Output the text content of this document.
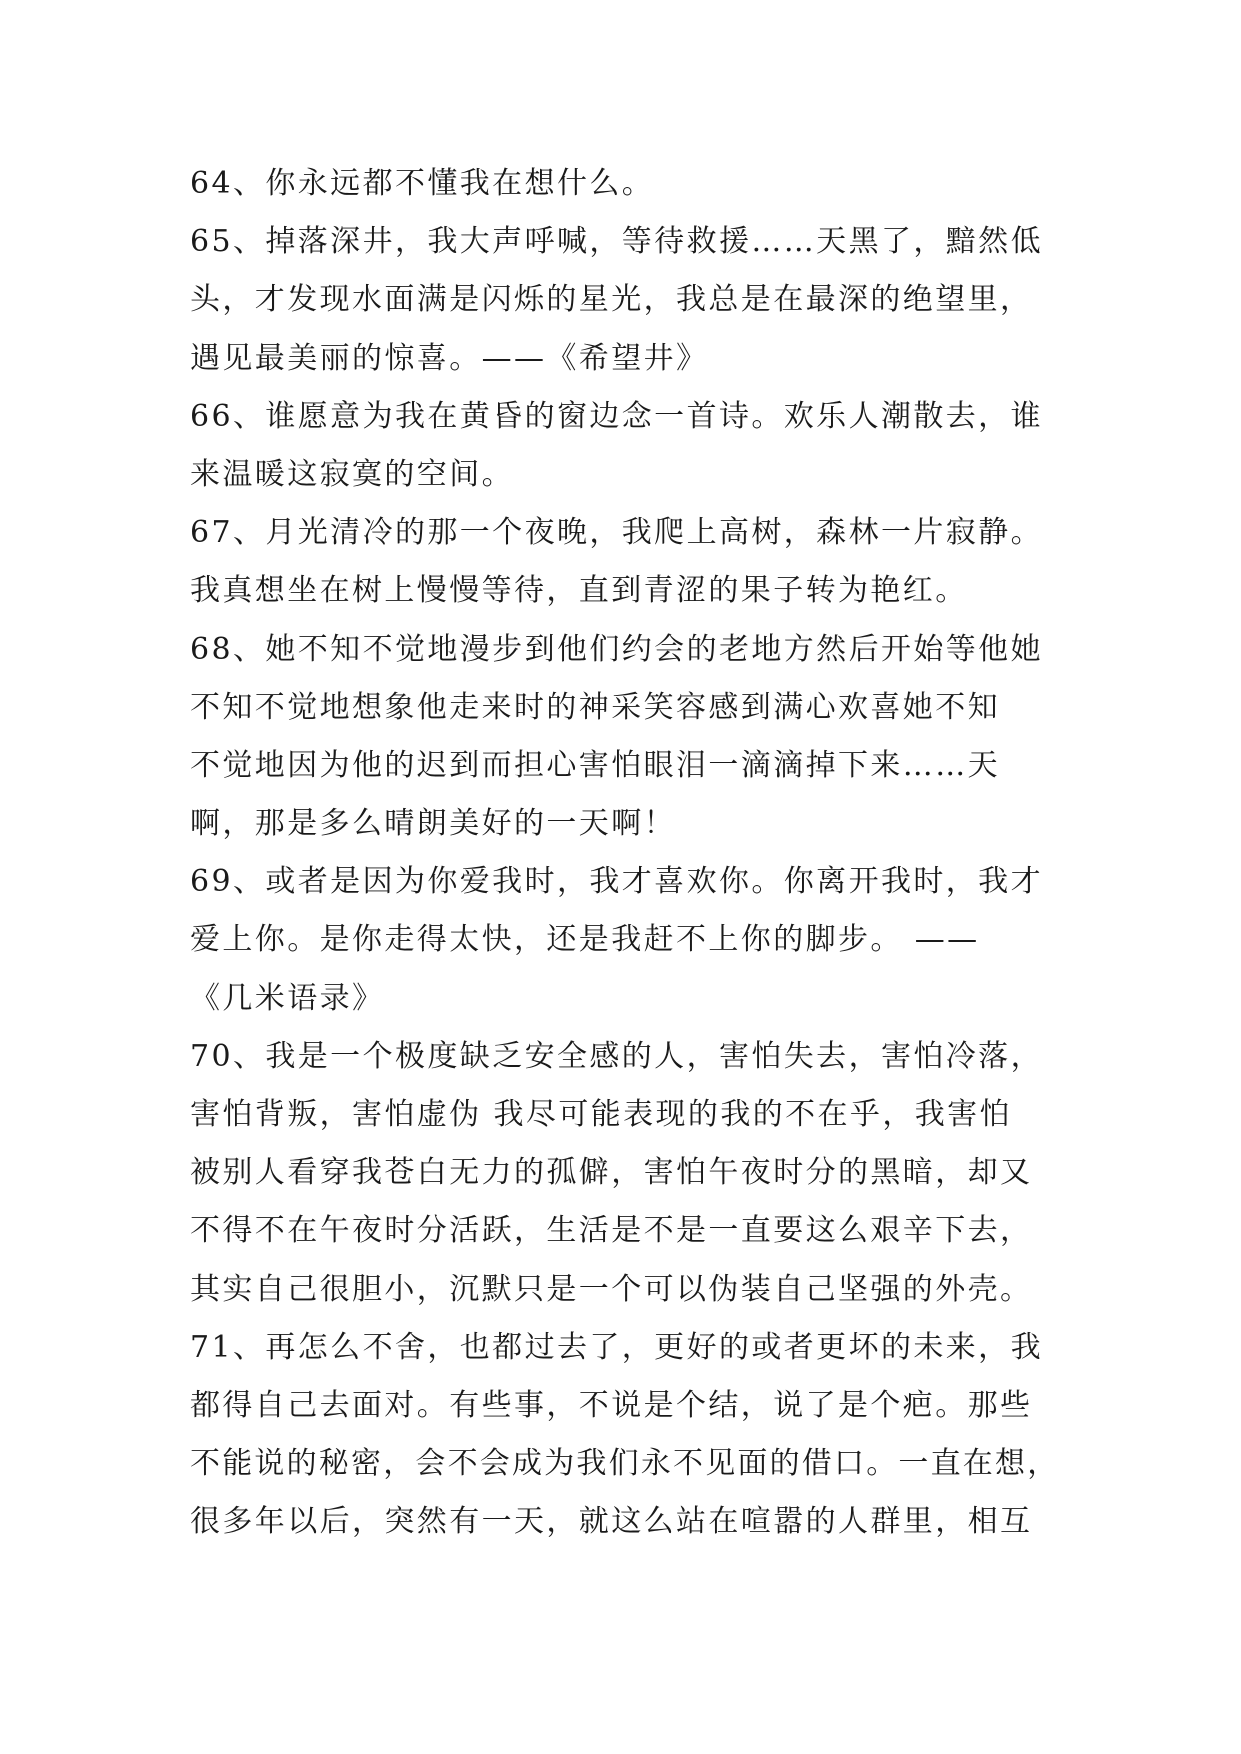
64、你永远都不懂我在想什么。
65、掉落深井，我大声呼喊，等待救援……天黑了，黯然低
头，才发现水面满是闪烁的星光，我总是在最深的绝望里，
遇见最美丽的惊喜。——《希望井》
66、谁愿意为我在黄昏的窗边念一首诗。欢乐人潮散去，谁
来温暖这寂寞的空间。
67、月光清冷的那一个夜晚，我爬上高树，森林一片寂静。
我真想坐在树上慢慢等待，直到青涩的果子转为艳红。
68、她不知不觉地漫步到他们约会的老地方然后开始等他她
不知不觉地想象他走来时的神采笑容感到满心欢喜她不知
不觉地因为他的迟到而担心害怕眼泪一滴滴掉下来……天
啊，那是多么晴朗美好的一天啊！
69、或者是因为你爱我时，我才喜欢你。你离开我时，我才
爱上你。是你走得太快，还是我赶不上你的脚步。 ——
《几米语录》
70、我是一个极度缺乏安全感的人，害怕失去，害怕冷落，
害怕背叛，害怕虚伪 我尽可能表现的我的不在乎，我害怕
被别人看穿我苍白无力的孤僻，害怕午夜时分的黑暗，却又
不得不在午夜时分活跃，生活是不是一直要这么艰辛下去，
其实自己很胆小，沉默只是一个可以伪装自己坚强的外壳。
71、再怎么不舍，也都过去了，更好的或者更坏的未来，我
都得自己去面对。有些事，不说是个结，说了是个疤。那些
不能说的秘密，会不会成为我们永不见面的借口。一直在想，
很多年以后，突然有一天，就这么站在喧嚣的人群里，相互
